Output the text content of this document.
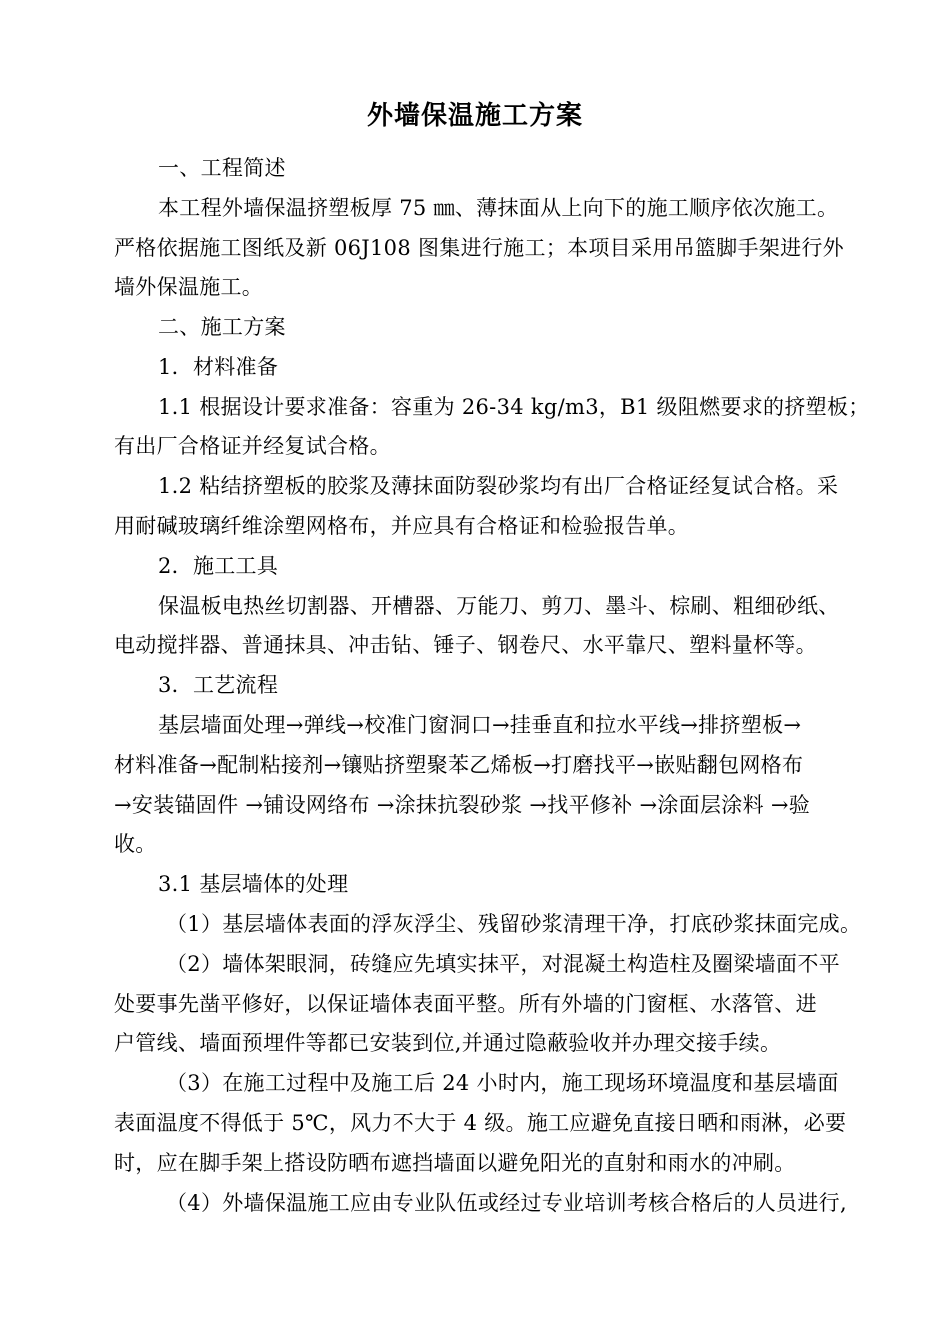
外墙保温施工方案
一、工程简述
本工程外墙保温挤塑板厚 75 ㎜、薄抹面从上向下的施工顺序依次施工。
严格依据施工图纸及新 06J108 图集进行施工；本项目采用吊篮脚手架进行外
墙外保温施工。
二、施工方案
1．材料准备
1.1 根据设计要求准备：容重为 26-34 kg/m3，B1 级阻燃要求的挤塑板；
有出厂合格证并经复试合格。
1.2 粘结挤塑板的胶浆及薄抹面防裂砂浆均有出厂合格证经复试合格。采
用耐碱玻璃纤维涂塑网格布，并应具有合格证和检验报告单。
2．施工工具
保温板电热丝切割器、开槽器、万能刀、剪刀、墨斗、棕刷、粗细砂纸、
电动搅拌器、普通抹具、冲击钻、锤子、钢卷尺、水平靠尺、塑料量杯等。
3．工艺流程
基层墙面处理→弹线→校准门窗洞口→挂垂直和拉水平线→排挤塑板→
材料准备→配制粘接剂→镶贴挤塑聚苯乙烯板→打磨找平→嵌贴翻包网格布
→安装锚固件 →铺设网络布 →涂抹抗裂砂浆 →找平修补 →涂面层涂料 →验
收。
3.1 基层墙体的处理
（1）基层墙体表面的浮灰浮尘、残留砂浆清理干净，打底砂浆抹面完成。
（2）墙体架眼洞，砖缝应先填实抹平，对混凝土构造柱及圈梁墙面不平
处要事先凿平修好，以保证墙体表面平整。所有外墙的门窗框、水落管、进
户管线、墙面预埋件等都已安装到位,并通过隐蔽验收并办理交接手续。
（3）在施工过程中及施工后 24 小时内，施工现场环境温度和基层墙面
表面温度不得低于 5℃，风力不大于 4 级。施工应避免直接日晒和雨淋，必要
时，应在脚手架上搭设防晒布遮挡墙面以避免阳光的直射和雨水的冲刷。
（4）外墙保温施工应由专业队伍或经过专业培训考核合格后的人员进行,
